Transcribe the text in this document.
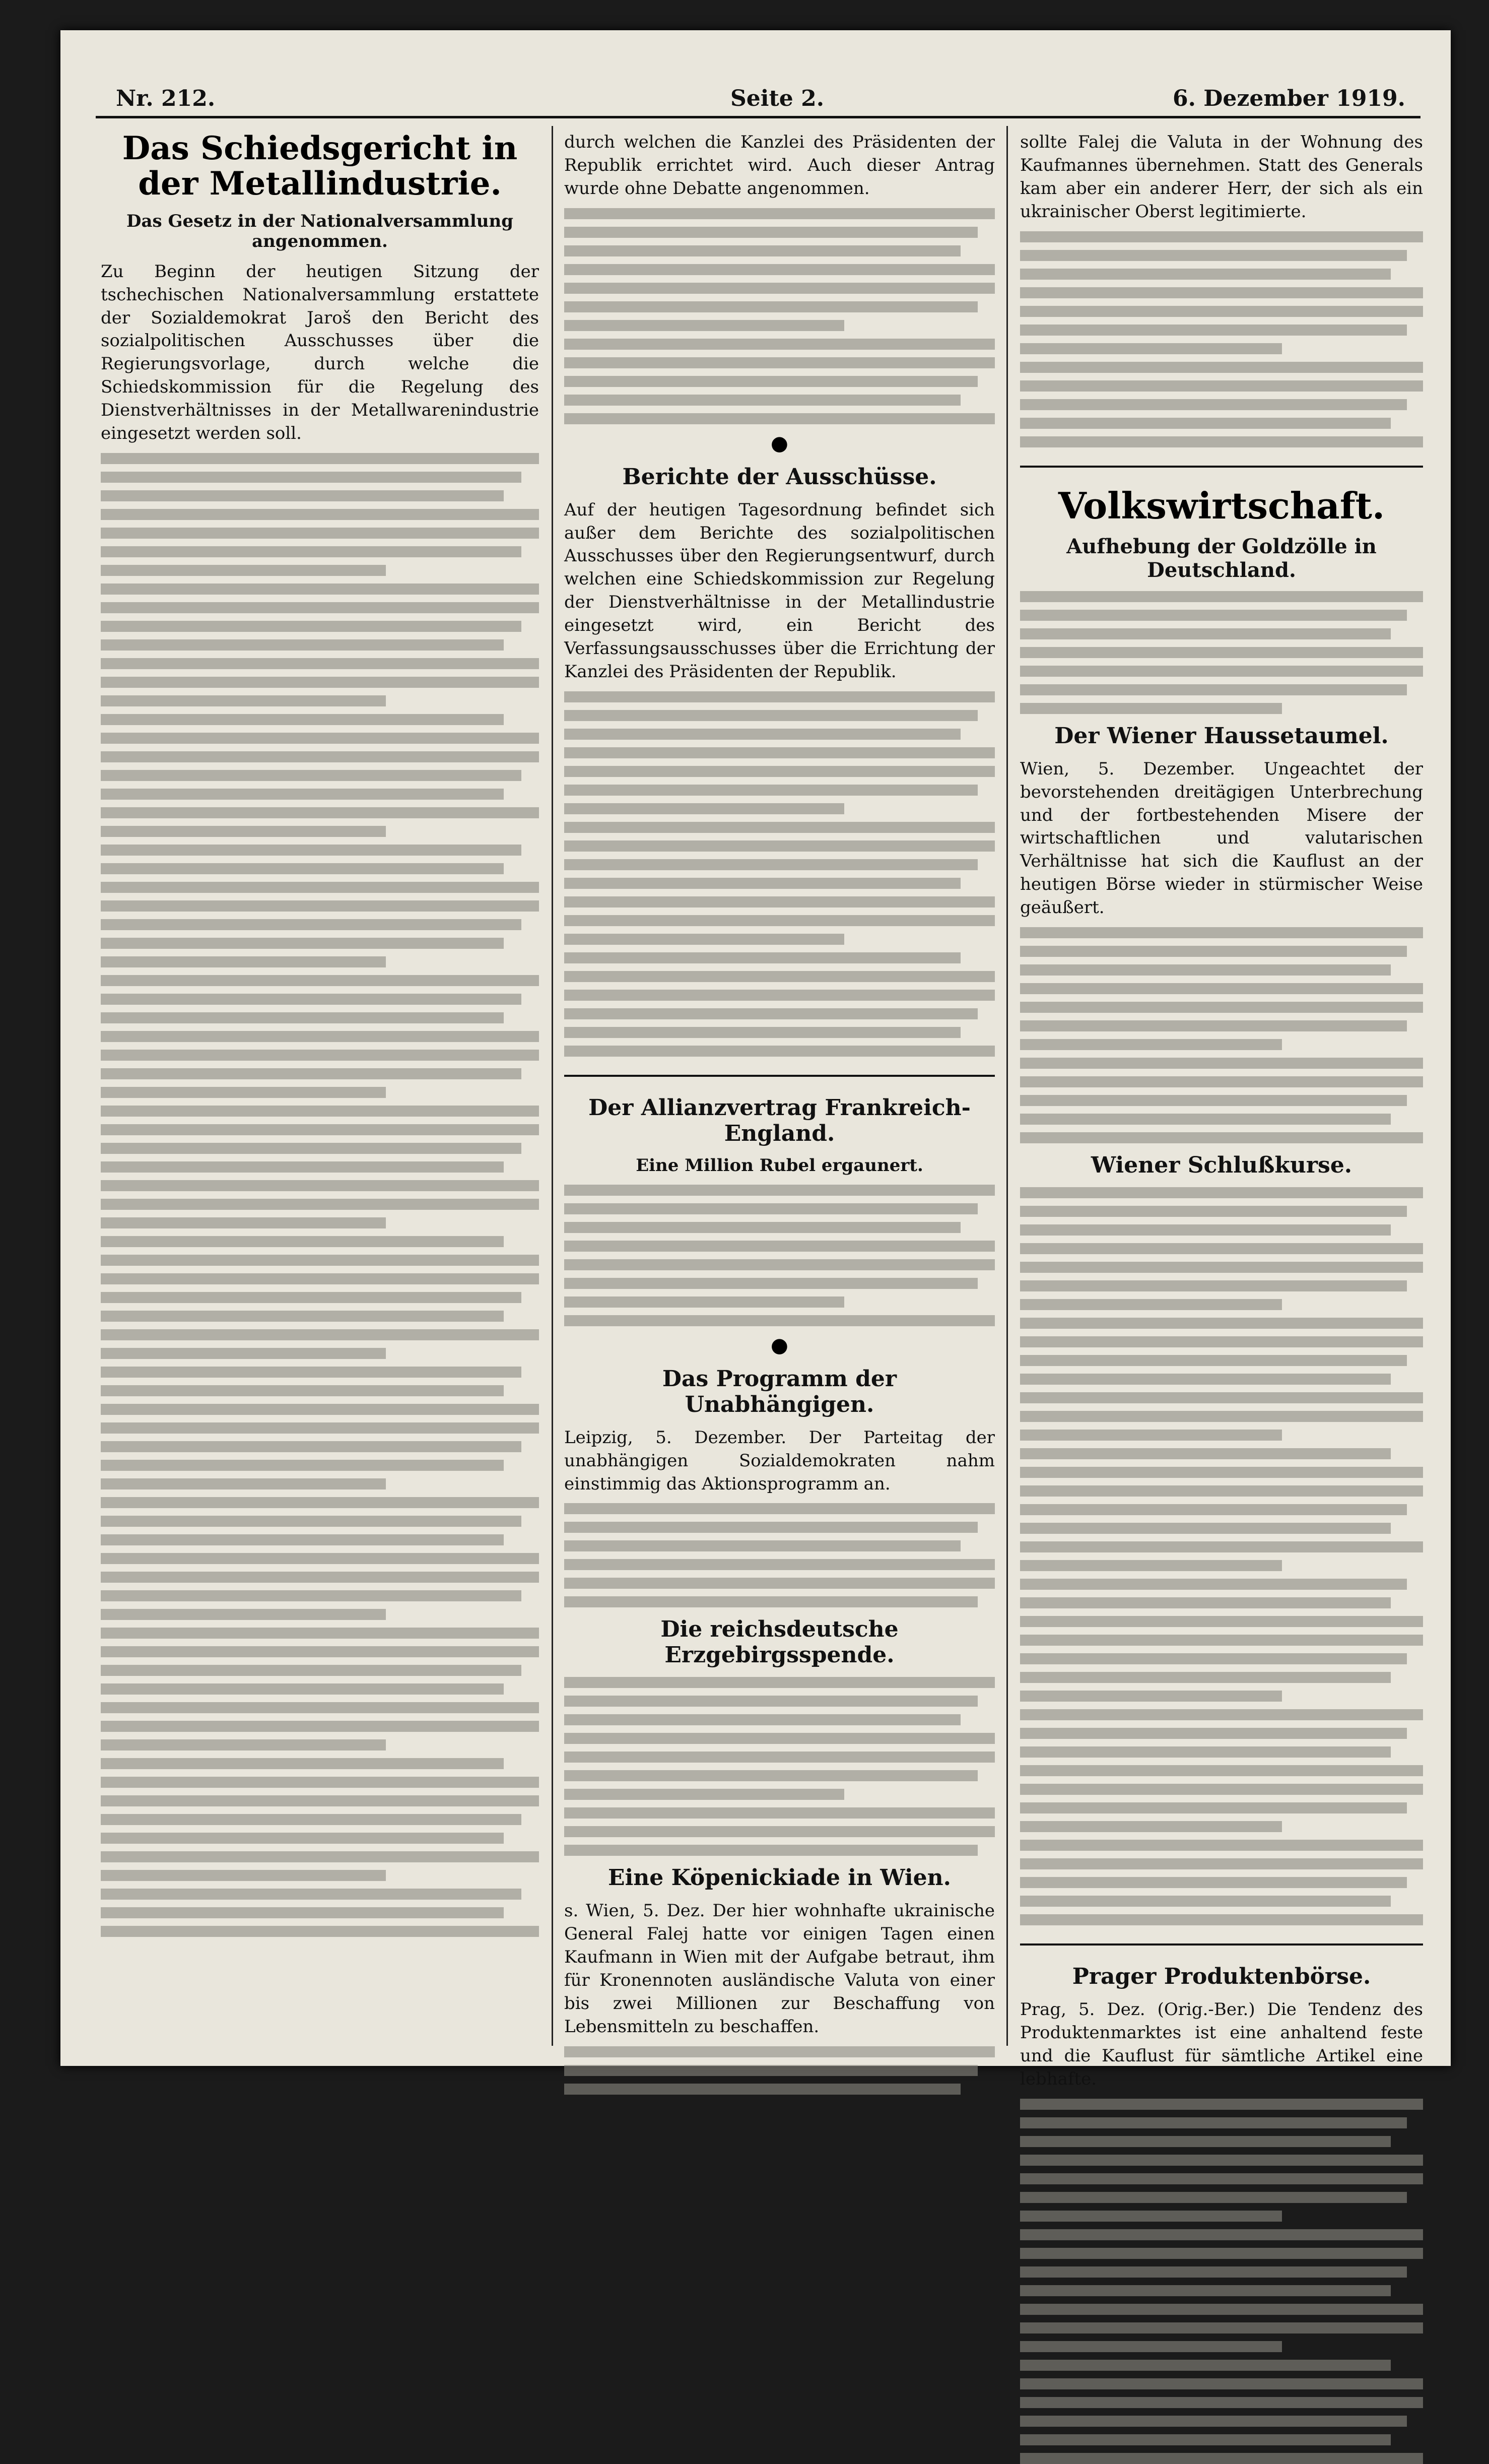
Nr. 212.	Seite 2.	6. Dezember 1919.
Das Schiedsgericht in der Metallindustrie.
Das Gesetz in der Nationalversammlung angenommen.
Zu Beginn der heutigen Sitzung der tschechischen Nationalversammlung erstattete der Sozialdemokrat Jaroš den Bericht des sozialpolitischen Ausschusses über die Regierungsvorlage, durch welche die Schiedskommission für die Regelung des Dienstverhältnisses in der Metallwarenindustrie eingesetzt werden soll.
durch welchen die Kanzlei des Präsidenten der Republik errichtet wird. Auch dieser Antrag wurde ohne Debatte angenommen.
●
Berichte der Ausschüsse.
Auf der heutigen Tagesordnung befindet sich außer dem Berichte des sozialpolitischen Ausschusses über den Regierungsentwurf, durch welchen eine Schiedskommission zur Regelung der Dienstverhältnisse in der Metallindustrie eingesetzt wird, ein Bericht des Verfassungsausschusses über die Errichtung der Kanzlei des Präsidenten der Republik.
Der Allianzvertrag Frankreich-England.
Eine Million Rubel ergaunert.
●
Das Programm der Unabhängigen.
Leipzig, 5. Dezember. Der Parteitag der unabhängigen Sozialdemokraten nahm einstimmig das Aktionsprogramm an.
Die reichsdeutsche Erzgebirgsspende.
Eine Köpenickiade in Wien.
s. Wien, 5. Dez. Der hier wohnhafte ukrainische General Falej hatte vor einigen Tagen einen Kaufmann in Wien mit der Aufgabe betraut, ihm für Kronennoten ausländische Valuta von einer bis zwei Millionen zur Beschaffung von Lebensmitteln zu beschaffen.
sollte Falej die Valuta in der Wohnung des Kaufmannes übernehmen. Statt des Generals kam aber ein anderer Herr, der sich als ein ukrainischer Oberst legitimierte.
Volkswirtschaft.
Aufhebung der Goldzölle in Deutschland.
Der Wiener Haussetaumel.
Wien, 5. Dezember. Ungeachtet der bevorstehenden dreitägigen Unterbrechung und der fortbestehenden Misere der wirtschaftlichen und valutarischen Verhältnisse hat sich die Kauflust an der heutigen Börse wieder in stürmischer Weise geäußert.
Wiener Schlußkurse.
Prager Produktenbörse.
Prag, 5. Dez. (Orig.-Ber.) Die Tendenz des Produktenmarktes ist eine anhaltend feste und die Kauflust für sämtliche Artikel eine lebhafte.
